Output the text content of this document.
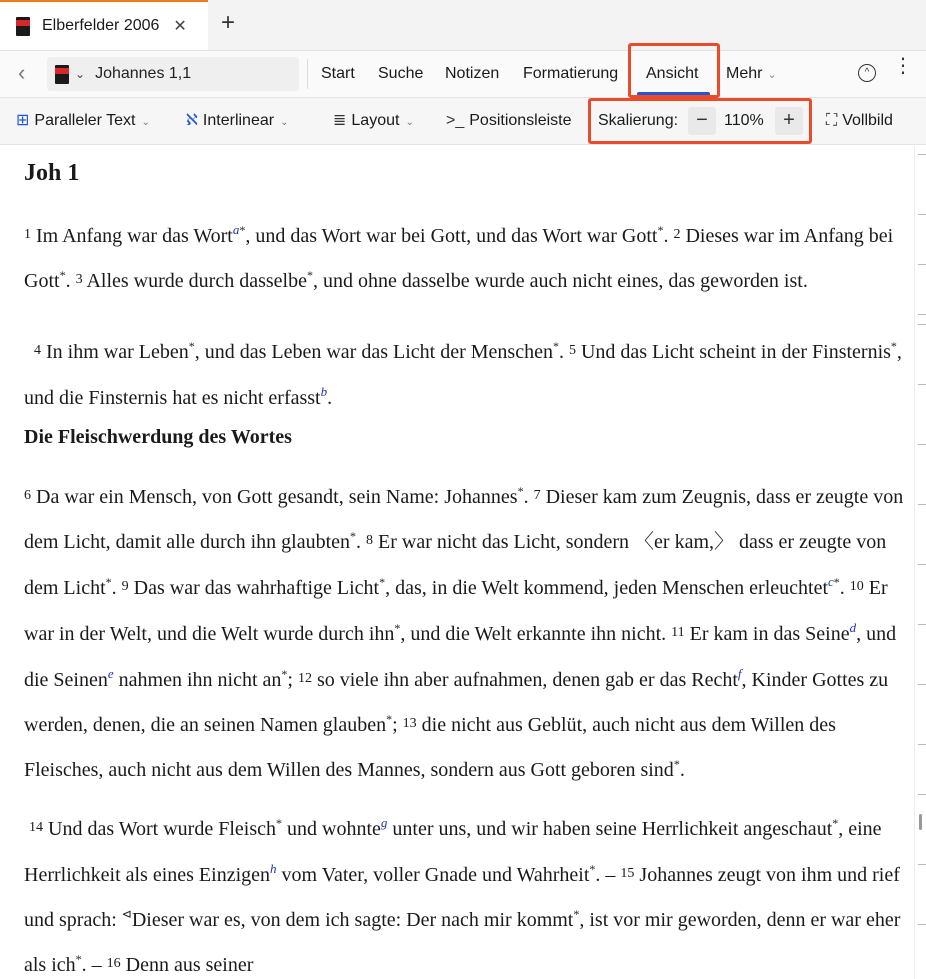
Elberfelder 2006 ✕ +
‹	⌄ Johannes 1,1	Start Suche Notizen Formatierung Ansicht Mehr ⌄	^	⋮
⊞ Paralleler Text ⌄ ℵ Interlinear ⌄	≣ Layout ⌄ >_ Positionsleiste Skalierung: −	110% +	⛶ Vollbild
Joh 1
$^1$ Im Anfang war das Wort$^{a*}$, und das Wort war bei Gott, und das Wort war Gott*. $^2$ Dieses war im Anfang bei Gott*. $^3$ Alles wurde durch dasselbe*, und ohne dasselbe wurde auch nicht eines, das geworden ist.
$^4$ In ihm war Leben*, und das Leben war das Licht der Menschen*. $^5$ Und das Licht scheint in der Finsternis*, und die Finsternis hat es nicht erfasst$^b$.
Die Fleischwerdung des Wortes
$^6$ Da war ein Mensch, von Gott gesandt, sein Name: Johannes*. $^7$ Dieser kam zum Zeugnis, dass er zeugte von dem Licht, damit alle durch ihn glaubten*. $^8$ Er war nicht das Licht, sondern 〈er kam,〉 dass er zeugte von dem Licht*. $^9$ Das war das wahrhaftige Licht*, das, in die Welt kommend, jeden Menschen erleuchtet$^{c*}$. $^{10}$ Er war in der Welt, und die Welt wurde durch ihn*, und die Welt erkannte ihn nicht. $^{11}$ Er kam in das Seine$^d$, und die Seinen$^e$ nahmen ihn nicht an*; $^{12}$ so viele ihn aber aufnahmen, denen gab er das Recht$^f$, Kinder Gottes zu werden, denen, die an seinen Namen glauben*; $^{13}$ die nicht aus Geblüt, auch nicht aus dem Willen des Fleisches, auch nicht aus dem Willen des Mannes, sondern aus Gott geboren sind*.
$^{14}$ Und das Wort wurde Fleisch* und wohnte$^g$ unter uns, und wir haben seine Herrlichkeit angeschaut*, eine Herrlichkeit als eines Einzigen$^h$ vom Vater, voller Gnade und Wahrheit*. – $^{15}$ Johannes zeugt von ihm und rief und sprach: ⊲Dieser war es, von dem ich sagte: Der nach mir kommt*, ist vor mir geworden, denn er war eher als ich*. – $^{16}$ Denn aus seiner
